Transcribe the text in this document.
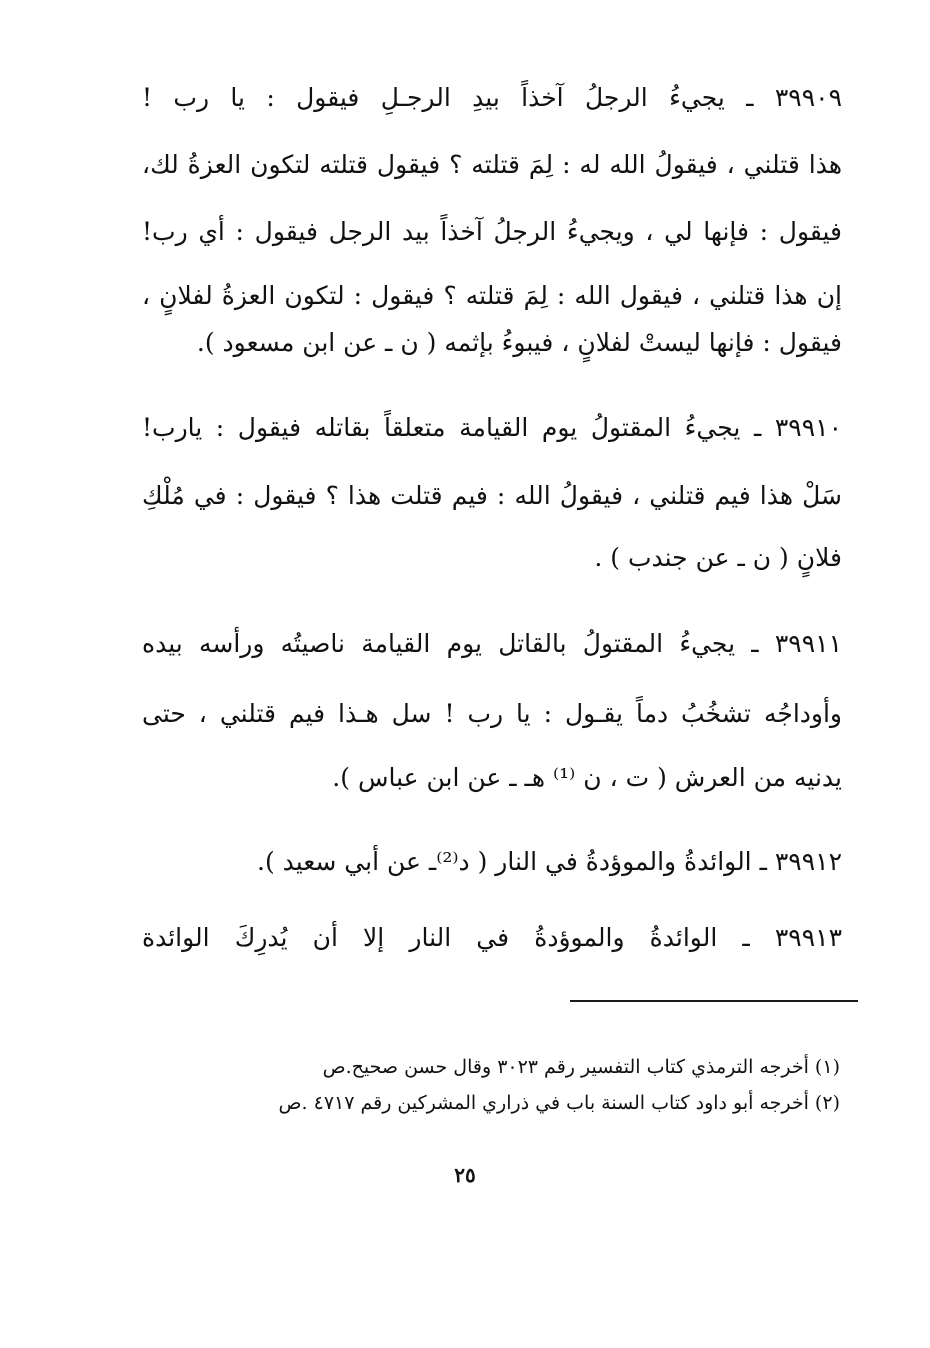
٣٩٩٠٩ ـ يجيءُ الرجلُ آخذاً بيدِ الرجـلِ فيقول : يا رب !
هذا قتلني ، فيقولُ الله له : لِمَ قتلته ؟ فيقول قتلته لتكون العزةُ لك،
فيقول : فإنها لي ، ويجيءُ الرجلُ آخذاً بيد الرجل فيقول : أي رب!
إن هذا قتلني ، فيقول الله : لِمَ قتلته ؟ فيقول : لتكون العزةُ لفلانٍ ،
فيقول : فإنها ليستْ لفلانٍ ، فيبوءُ بإثمه ( ن ـ عن ابن مسعود ).
٣٩٩١٠ ـ يجيءُ المقتولُ يوم القيامة متعلقاً بقاتله فيقول : يارب!
سَلْ هذا فيم قتلني ، فيقولُ الله : فيم قتلت هذا ؟ فيقول : في مُلْكِ
فلانٍ ( ن ـ عن جندب ) .
٣٩٩١١ ـ يجيءُ المقتولُ بالقاتل يوم القيامة ناصيتُه ورأسه بيده
وأوداجُه تشخُبُ دماً يقـول : يا رب ! سل هـذا فيم قتلني ، حتى
يدنيه من العرش ( ت ، ن ⁽¹⁾ هـ ـ عن ابن عباس ).
٣٩٩١٢ ـ الوائدةُ والموؤدةُ في النار ( د⁽²⁾ـ عن أبي سعيد ).
٣٩٩١٣ ـ الوائدةُ والموؤدةُ في النار إلا أن يُدرِكَ الوائدة
(١) أخرجه الترمذي كتاب التفسير رقم ٣٠٢٣ وقال حسن صحيح.ص
(٢) أخرجه أبو داود كتاب السنة باب في ذراري المشركين رقم ٤٧١٧ .ص
٢٥
